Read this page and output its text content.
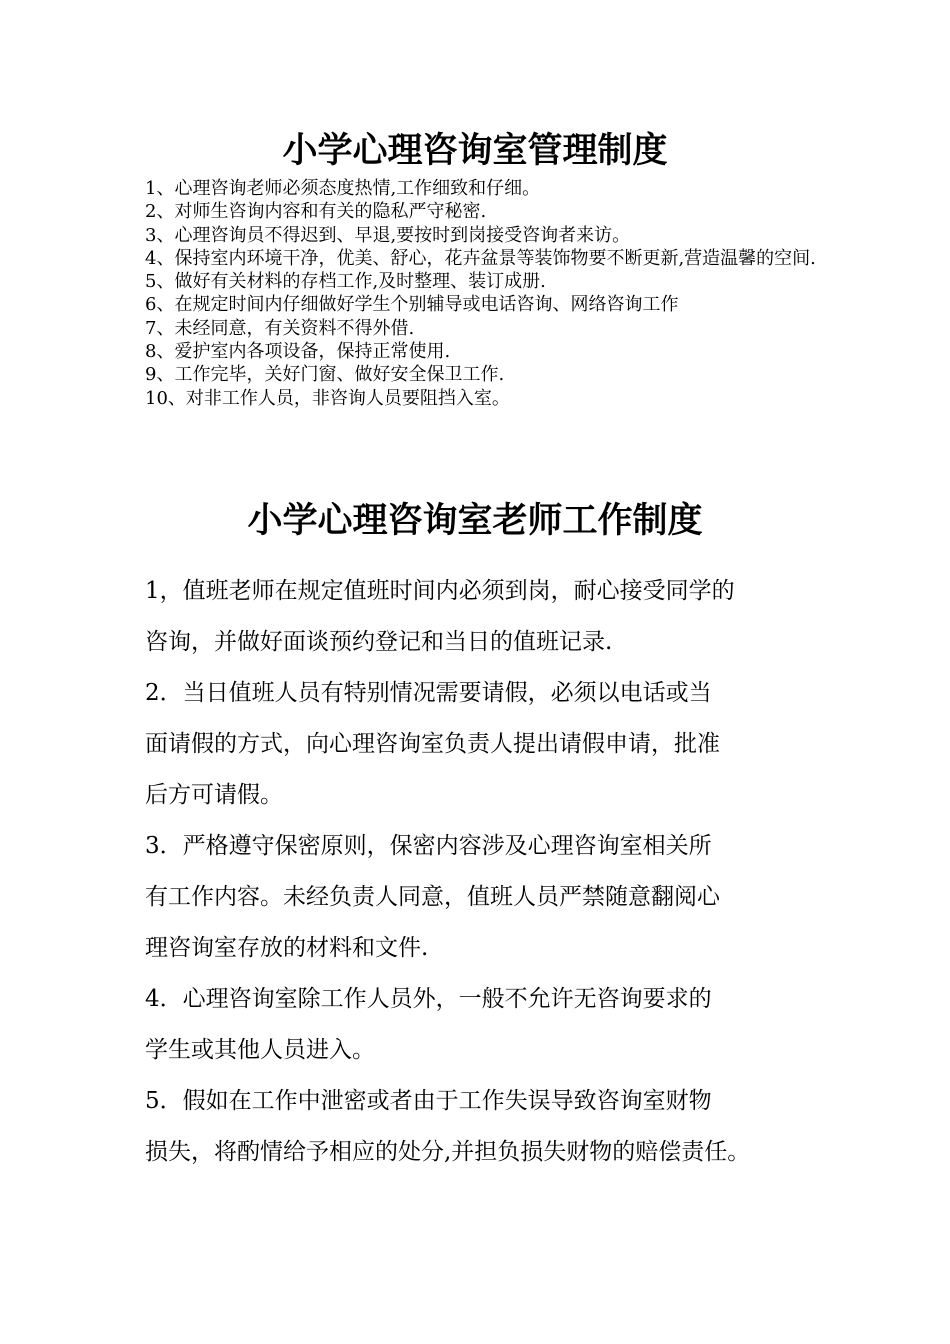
小学心理咨询室管理制度
1、心理咨询老师必须态度热情,工作细致和仔细。
2、对师生咨询内容和有关的隐私严守秘密.
3、心理咨询员不得迟到、早退,要按时到岗接受咨询者来访。
4、保持室内环境干净，优美、舒心，花卉盆景等装饰物要不断更新,营造温馨的空间.
5、做好有关材料的存档工作,及时整理、装订成册.
6、在规定时间内仔细做好学生个别辅导或电话咨询、网络咨询工作
7、未经同意，有关资料不得外借.
8、爱护室内各项设备，保持正常使用.
9、工作完毕，关好门窗、做好安全保卫工作.
10、对非工作人员，非咨询人员要阻挡入室。
小学心理咨询室老师工作制度
1，值班老师在规定值班时间内必须到岗，耐心接受同学的
咨询，并做好面谈预约登记和当日的值班记录.
2．当日值班人员有特别情况需要请假，必须以电话或当
面请假的方式，向心理咨询室负责人提出请假申请，批准
后方可请假。
3．严格遵守保密原则，保密内容涉及心理咨询室相关所
有工作内容。未经负责人同意，值班人员严禁随意翻阅心
理咨询室存放的材料和文件.
4．心理咨询室除工作人员外，一般不允许无咨询要求的
学生或其他人员进入。
5．假如在工作中泄密或者由于工作失误导致咨询室财物
损失，将酌情给予相应的处分,并担负损失财物的赔偿责任。
